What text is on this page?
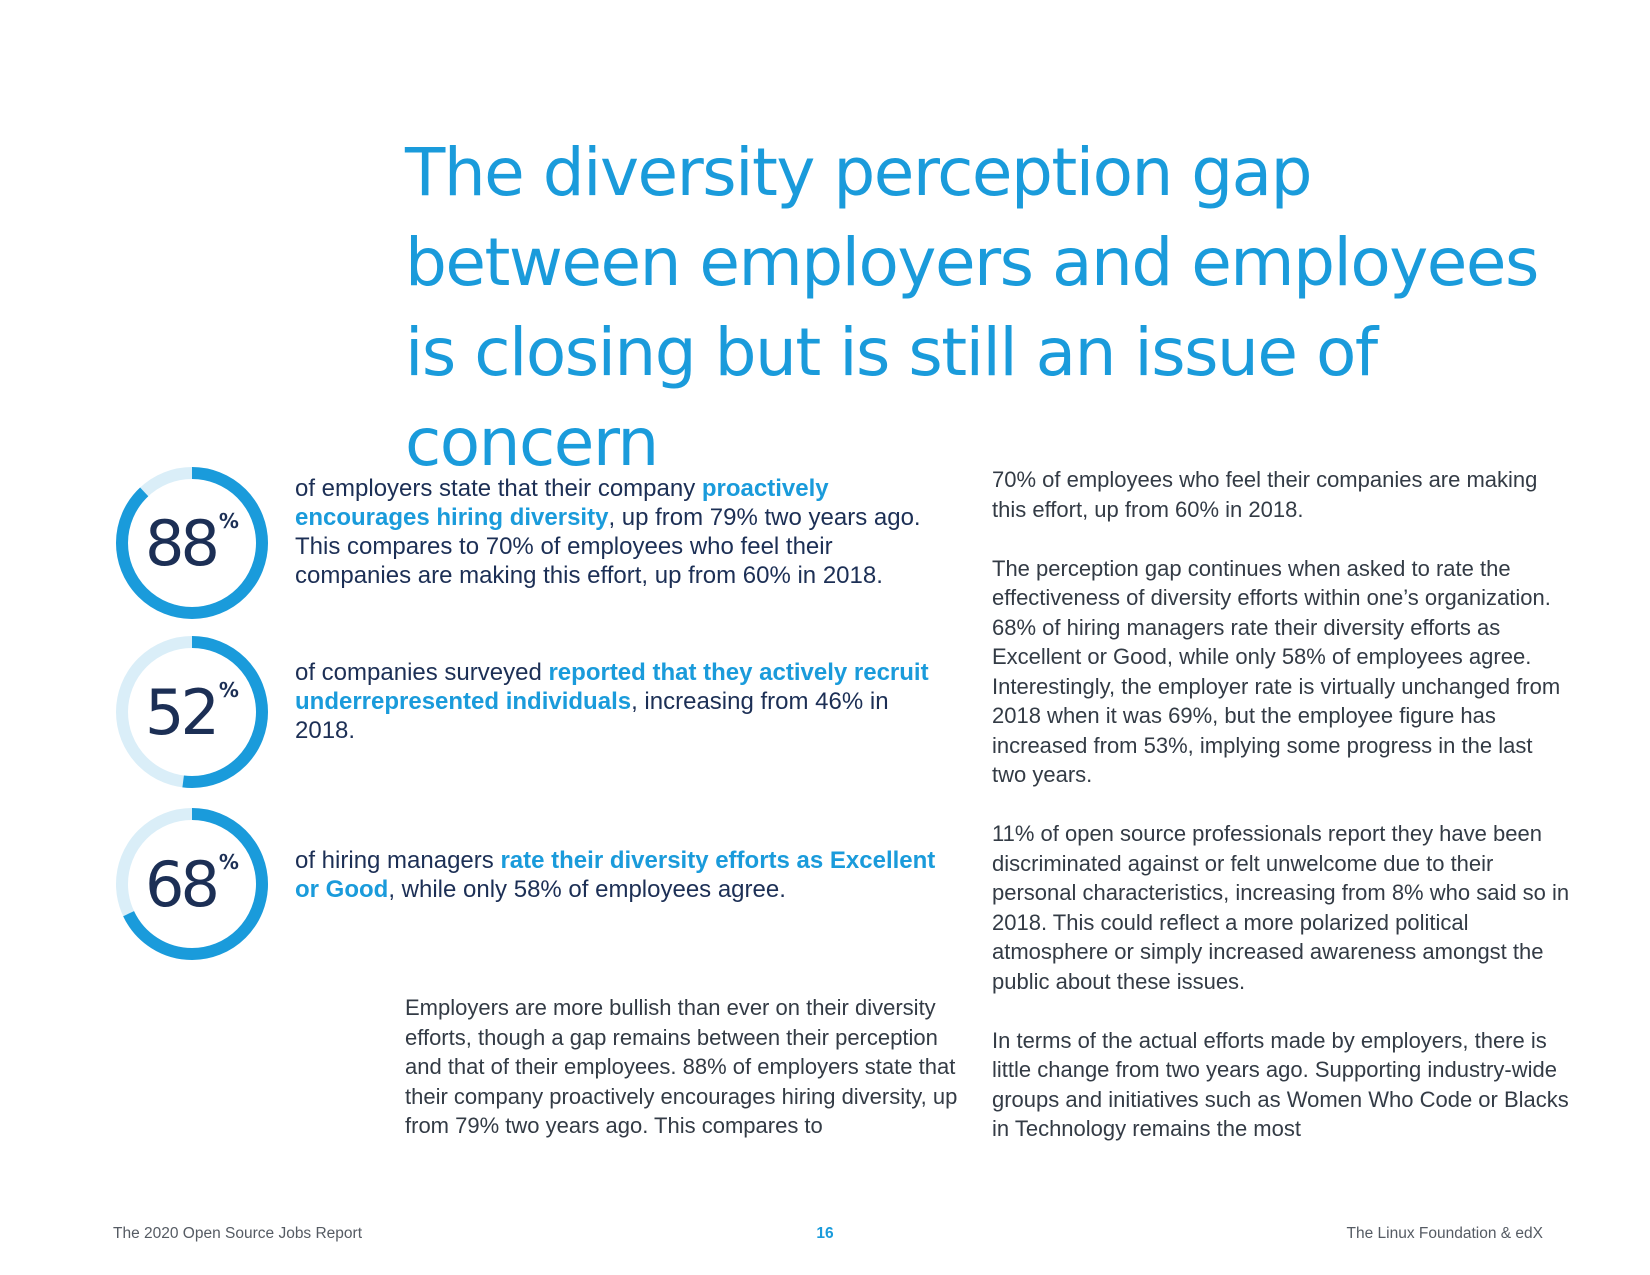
The diversity perception gap between employers and employees is closing but is still an issue of concern
88 %

of employers state that their company proactively encourages hiring diversity, up from 79% two years ago. This compares to 70% of employees who feel their companies are making this effort, up from 60% in 2018.

52 %

of companies surveyed reported that they actively recruit underrepresented individuals, increasing from 46% in 2018.

68 % of hiring managers rate their diversity efforts as Excellent or Good, while only 58% of employees agree.

Employers are more bullish than ever on their diversity efforts, though a gap remains between their perception and that of their employees. 88% of employers state that their company proactively encourages hiring diversity, up from 79% two years ago. This compares to

70% of employees who feel their companies are making this effort, up from 60% in 2018.

The perception gap continues when asked to rate the effectiveness of diversity efforts within one’s organization. 68% of hiring managers rate their diversity efforts as Excellent or Good, while only 58% of employees agree. Interestingly, the employer rate is virtually unchanged from 2018 when it was 69%, but the employee figure has increased from 53%, implying some progress in the last two years.

11% of open source professionals report they have been discriminated against or felt unwelcome due to their personal characteristics, increasing from 8% who said so in 2018. This could reflect a more polarized political atmosphere or simply increased awareness amongst the public about these issues.

In terms of the actual efforts made by employers, there is little change from two years ago. Supporting industry-wide groups and initiatives such as Women Who Code or Blacks in Technology remains the most

The 2020 Open Source Jobs Report	16	The Linux Foundation & edX
